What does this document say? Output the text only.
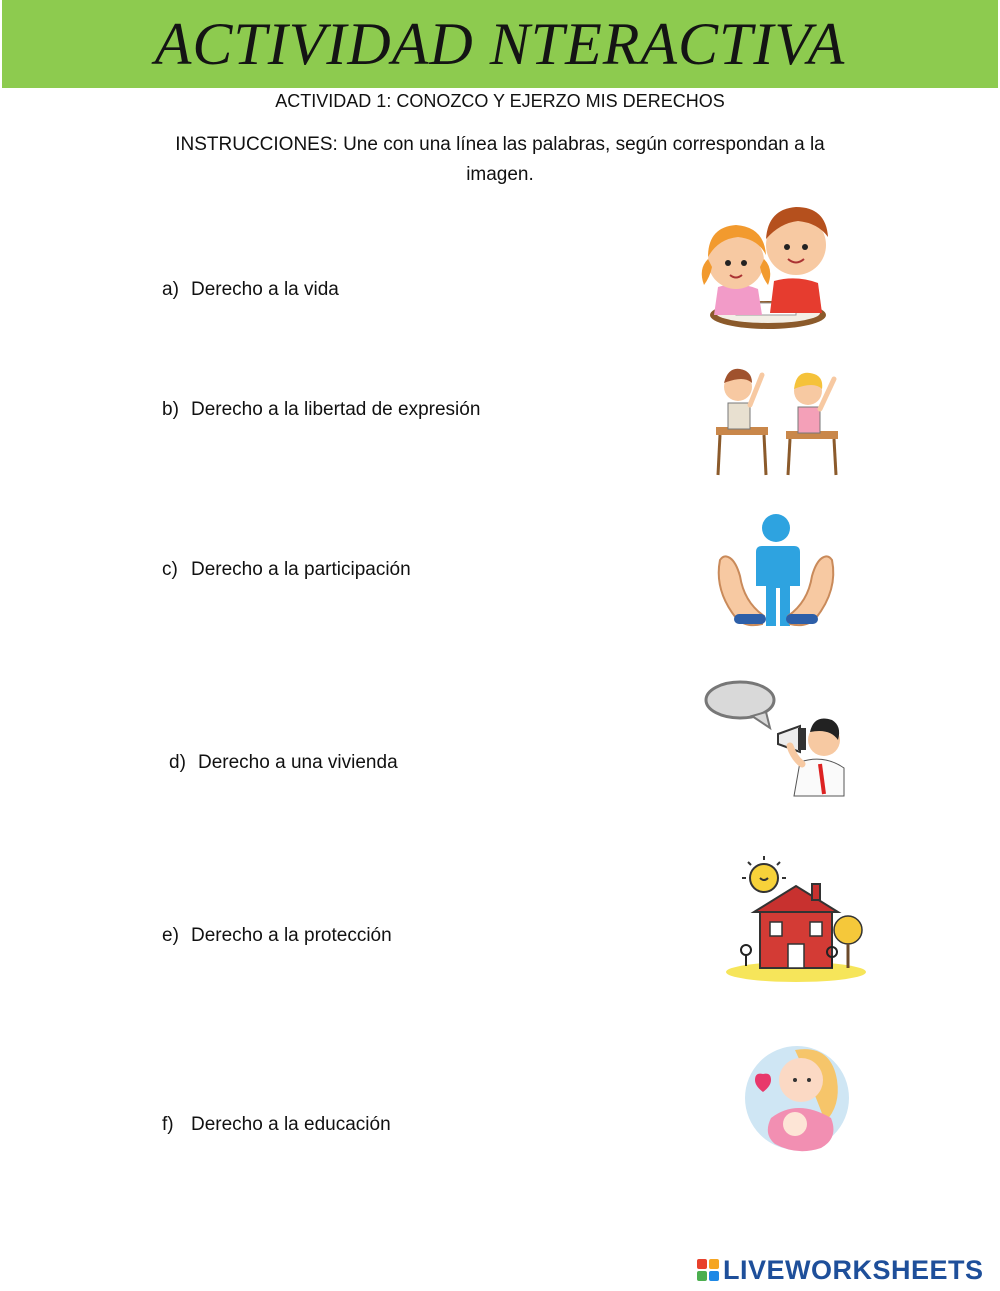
ACTIVIDAD NTERACTIVA
ACTIVIDAD 1: CONOZCO Y EJERZO MIS DERECHOS
INSTRUCCIONES: Une con una línea las palabras, según correspondan a la imagen.
a) Derecho a la vida
b) Derecho a la libertad de expresión
c) Derecho a la participación
d) Derecho a una vivienda
e) Derecho a la protección
f) Derecho a la educación
LIVEWORKSHEETS
